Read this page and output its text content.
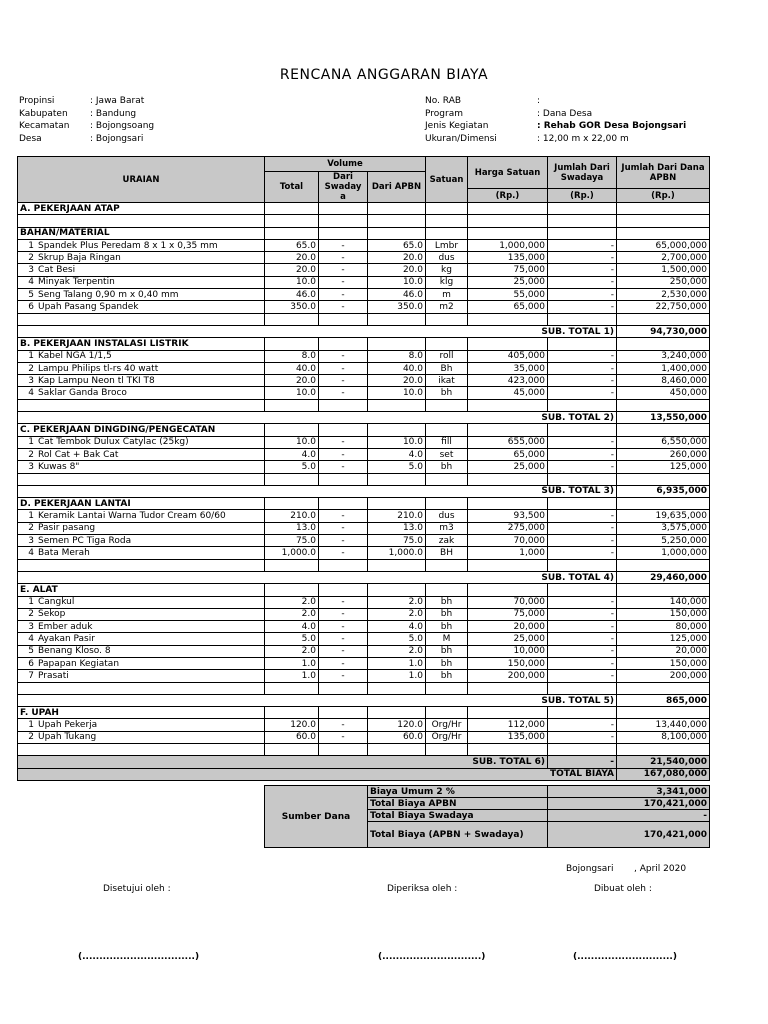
RENCANA ANGGARAN BIAYA
Propinsi	: Jawa Barat
Kabupaten	: Bandung
Kecamatan	: Bojongsoang
Desa	: Bojongsari
No. RAB	:
Program	: Dana Desa
Jenis Kegiatan	: Rehab GOR Desa Bojongsari
Ukuran/Dimensi	: 12,00 m x 22,00 m
URAIAN	Volume			Satuan	Harga Satuan	Jumlah Dari Swadaya	Jumlah Dari Dana APBN
	Total	Dari Swaday a	Dari APBN				
					(Rp.)	(Rp.)	(Rp.)
A. PEKERJAAN ATAP							

BAHAN/MATERIAL							
1 Spandek Plus Peredam 8 x 1 x 0,35 mm	65.0	-	65.0	Lmbr	1,000,000	-	65,000,000
2 Skrup Baja Ringan	20.0	-	20.0	dus	135,000	-	2,700,000
3 Cat Besi	20.0	-	20.0	kg	75,000	-	1,500,000
4 Minyak Terpentin	10.0	-	10.0	klg	25,000	-	250,000
5 Seng Talang 0,90 m x 0,40 mm	46.0	-	46.0	m	55,000	-	2,530,000
6 Upah Pasang Spandek	350.0	-	350.0	m2	65,000	-	22,750,000

SUB. TOTAL 1)							94,730,000
B. PEKERJAAN INSTALASI LISTRIK							
1 Kabel NGA 1/1,5	8.0	-	8.0	roll	405,000	-	3,240,000
2 Lampu Philips tl-rs 40 watt	40.0	-	40.0	Bh	35,000	-	1,400,000
3 Kap Lampu Neon tl TKI T8	20.0	-	20.0	ikat	423,000	-	8,460,000
4 Saklar Ganda Broco	10.0	-	10.0	bh	45,000	-	450,000

SUB. TOTAL 2)							13,550,000
C. PEKERJAAN DINGDING/PENGECATAN							
1 Cat Tembok Dulux Catylac (25kg)	10.0	-	10.0	fill	655,000	-	6,550,000
2 Rol Cat + Bak Cat	4.0	-	4.0	set	65,000	-	260,000
3 Kuwas 8"	5.0	-	5.0	bh	25,000	-	125,000

SUB. TOTAL 3)							6,935,000
D. PEKERJAAN LANTAI							
1 Keramik Lantai Warna Tudor Cream 60/60	210.0	-	210.0	dus	93,500	-	19,635,000
2 Pasir pasang	13.0	-	13.0	m3	275,000	-	3,575,000
3 Semen PC Tiga Roda	75.0	-	75.0	zak	70,000	-	5,250,000
4 Bata Merah	1,000.0	-	1,000.0	BH	1,000	-	1,000,000

SUB. TOTAL 4)							29,460,000
E. ALAT							
1 Cangkul	2.0	-	2.0	bh	70,000	-	140,000
2 Sekop	2.0	-	2.0	bh	75,000	-	150,000
3 Ember aduk	4.0	-	4.0	bh	20,000	-	80,000
4 Ayakan Pasir	5.0	-	5.0	M	25,000	-	125,000
5 Benang Kloso. 8	2.0	-	2.0	bh	10,000	-	20,000
6 Papapan Kegiatan	1.0	-	1.0	bh	150,000	-	150,000
7 Prasati	1.0	-	1.0	bh	200,000	-	200,000

SUB. TOTAL 5)							865,000
F. UPAH							
1 Upah Pekerja	120.0	-	120.0	Org/Hr	112,000	-	13,440,000
2 Upah Tukang	60.0	-	60.0	Org/Hr	135,000	-	8,100,000

SUB. TOTAL 6)						-	21,540,000
TOTAL BIAYA							167,080,000
Sumber Dana	Biaya Umum 2 %	3,341,000
	Total Biaya APBN	170,421,000
	Total Biaya Swadaya	-
	Total Biaya (APBN + Swadaya)	170,421,000
Bojongsari , April 2020
Disetujui oleh :	Diperiksa oleh :	Dibuat oleh :
(.................................)	(.............................)	(............................)
